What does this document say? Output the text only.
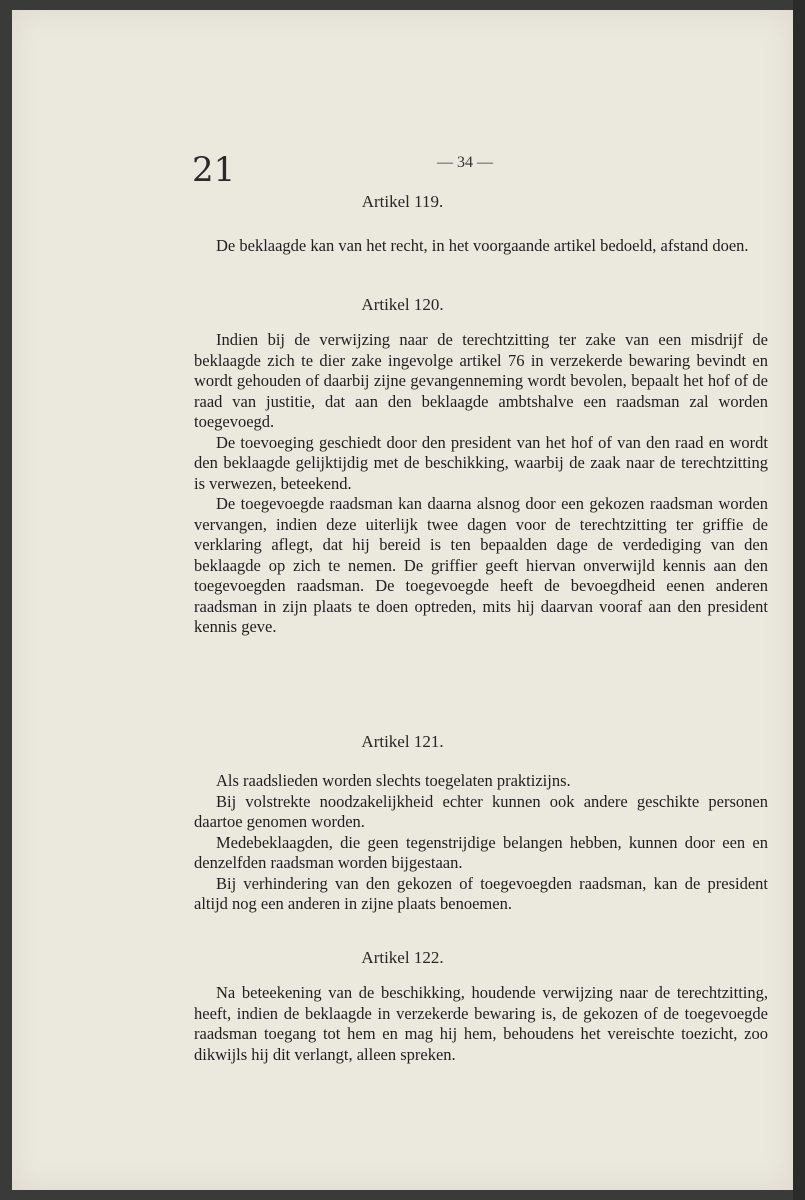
21	— 34 —
Artikel 119.

De beklaagde kan van het recht, in het voorgaande artikel bedoeld, afstand doen.

Artikel 120.

Indien bij de verwijzing naar de terechtzitting ter zake van een misdrijf de beklaagde zich te dier zake ingevolge artikel 76 in verzekerde bewaring bevindt en wordt gehouden of daarbij zijne gevangenneming wordt bevolen, bepaalt het hof of de raad van justitie, dat aan den beklaagde ambtshalve een raadsman zal worden toegevoegd.

De toevoeging geschiedt door den president van het hof of van den raad en wordt den beklaagde gelijktijdig met de beschikking, waarbij de zaak naar de terechtzitting is verwezen, beteekend.

De toegevoegde raadsman kan daarna alsnog door een gekozen raadsman worden vervangen, indien deze uiterlijk twee dagen voor de terechtzitting ter griffie de verklaring aflegt, dat hij bereid is ten bepaalden dage de verdediging van den beklaagde op zich te nemen. De griffier geeft hiervan onverwijld kennis aan den toegevoegden raadsman. De toegevoegde heeft de bevoegdheid eenen anderen raadsman in zijn plaats te doen optreden, mits hij daarvan vooraf aan den president kennis geve.

Artikel 121.

Als raadslieden worden slechts toegelaten praktizijns.

Bij volstrekte noodzakelijkheid echter kunnen ook andere geschikte personen daartoe genomen worden.

Medebeklaagden, die geen tegenstrijdige belangen hebben, kunnen door een en denzelfden raadsman worden bijgestaan.

Bij verhindering van den gekozen of toegevoegden raadsman, kan de president altijd nog een anderen in zijne plaats benoemen.

Artikel 122.

Na beteekening van de beschikking, houdende verwijzing naar de terechtzitting, heeft, indien de beklaagde in verzekerde bewaring is, de gekozen of de toegevoegde raadsman toegang tot hem en mag hij hem, behoudens het vereischte toezicht, zoo dikwijls hij dit verlangt, alleen spreken.
